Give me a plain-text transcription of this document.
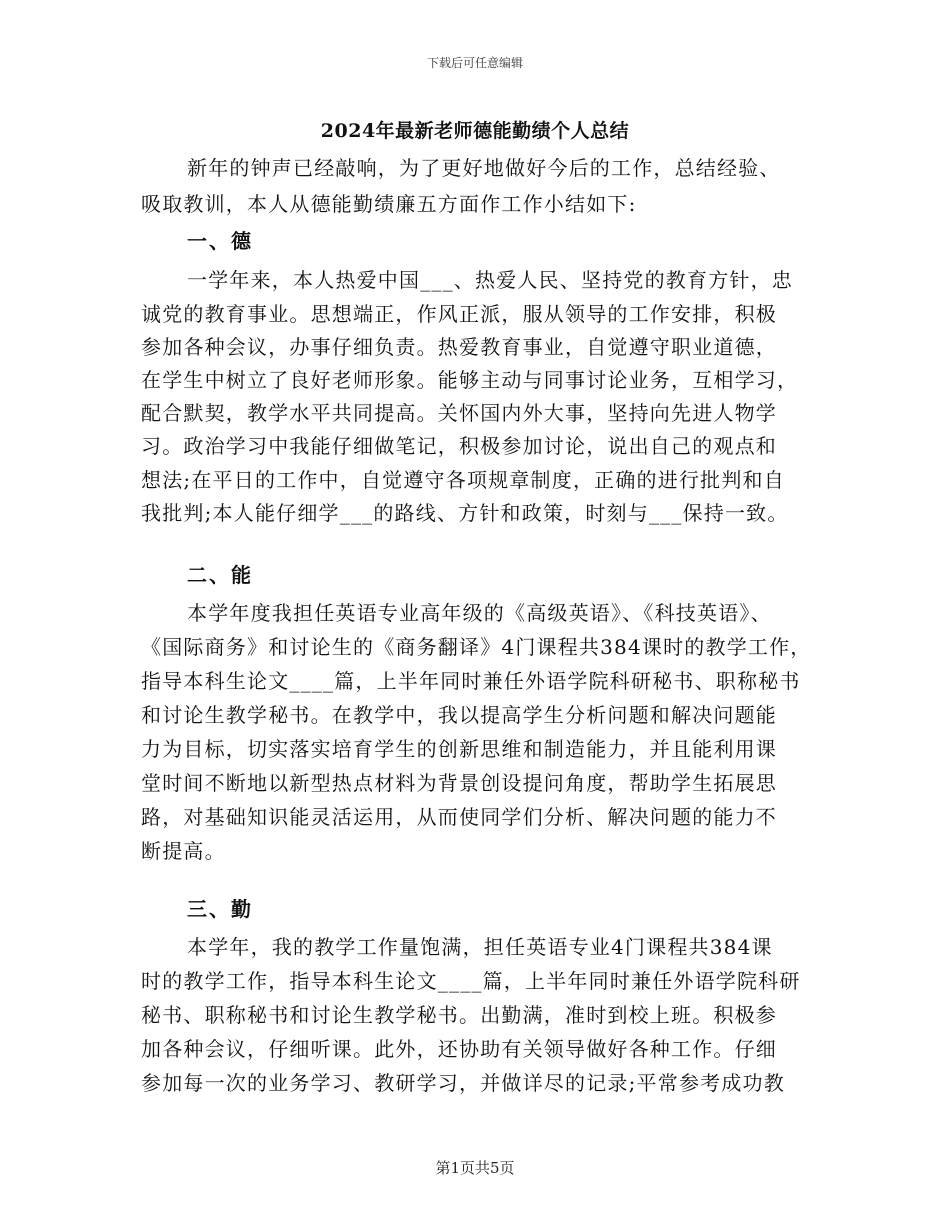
下载后可任意编辑
2024年最新老师德能勤绩个人总结
新年的钟声已经敲响，为了更好地做好今后的工作，总结经验、
吸取教训，本人从德能勤绩廉五方面作工作小结如下:
一、德
一学年来，本人热爱中国___、热爱人民、坚持党的教育方针，忠
诚党的教育事业。思想端正，作风正派，服从领导的工作安排，积极
参加各种会议，办事仔细负责。热爱教育事业，自觉遵守职业道德，
在学生中树立了良好老师形象。能够主动与同事讨论业务，互相学习，
配合默契，教学水平共同提高。关怀国内外大事，坚持向先进人物学
习。政治学习中我能仔细做笔记，积极参加讨论，说出自己的观点和
想法;在平日的工作中，自觉遵守各项规章制度，正确的进行批判和自
我批判;本人能仔细学___的路线、方针和政策，时刻与___保持一致。
二、能
本学年度我担任英语专业高年级的《高级英语》、《科技英语》、
《国际商务》和讨论生的《商务翻译》4门课程共384课时的教学工作，
指导本科生论文____篇，上半年同时兼任外语学院科研秘书、职称秘书
和讨论生教学秘书。在教学中，我以提高学生分析问题和解决问题能
力为目标，切实落实培育学生的创新思维和制造能力，并且能利用课
堂时间不断地以新型热点材料为背景创设提问角度，帮助学生拓展思
路，对基础知识能灵活运用，从而使同学们分析、解决问题的能力不
断提高。
三、勤
本学年，我的教学工作量饱满，担任英语专业4门课程共384课
时的教学工作，指导本科生论文____篇，上半年同时兼任外语学院科研
秘书、职称秘书和讨论生教学秘书。出勤满，准时到校上班。积极参
加各种会议，仔细听课。此外，还协助有关领导做好各种工作。仔细
参加每一次的业务学习、教研学习，并做详尽的记录;平常参考成功教
第1页共5页
